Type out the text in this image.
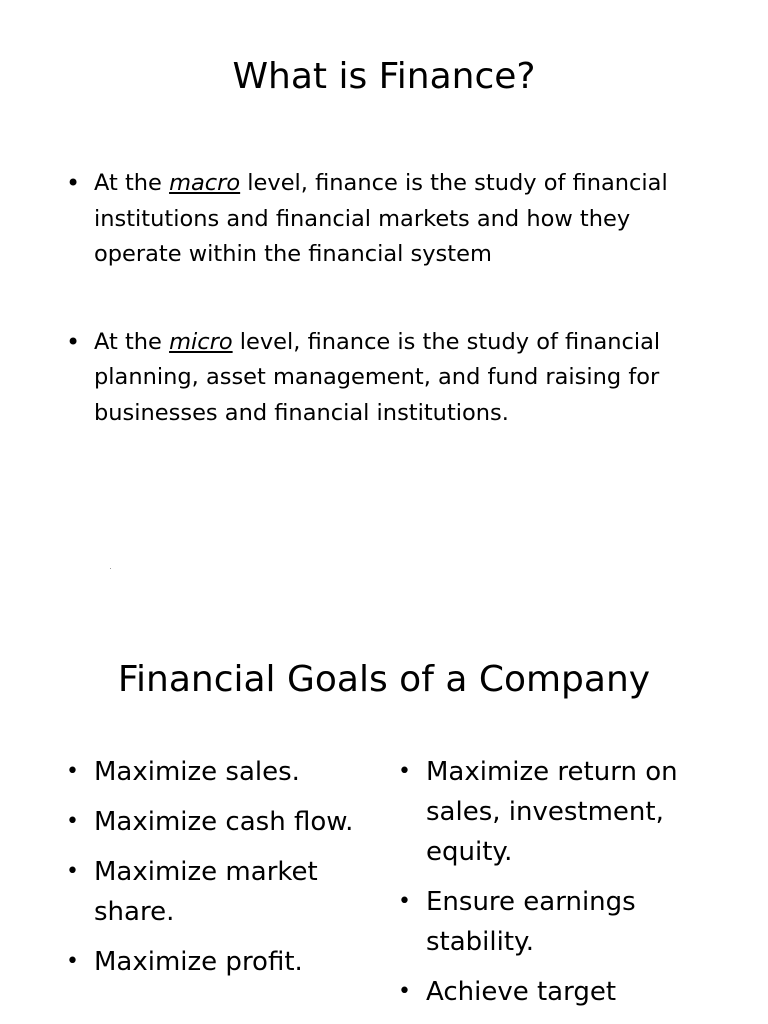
What is Finance?
• At the macro level, finance is the study of financial institutions and financial markets and how they operate within the financial system
• At the micro level, finance is the study of financial planning, asset management, and fund raising for businesses and financial institutions.
Financial Goals of a Company
• Maximize sales.
• Maximize cash flow.
• Maximize market share.
• Maximize profit.
• Maximize return on sales, investment, equity.
• Ensure earnings stability.
• Achieve target
